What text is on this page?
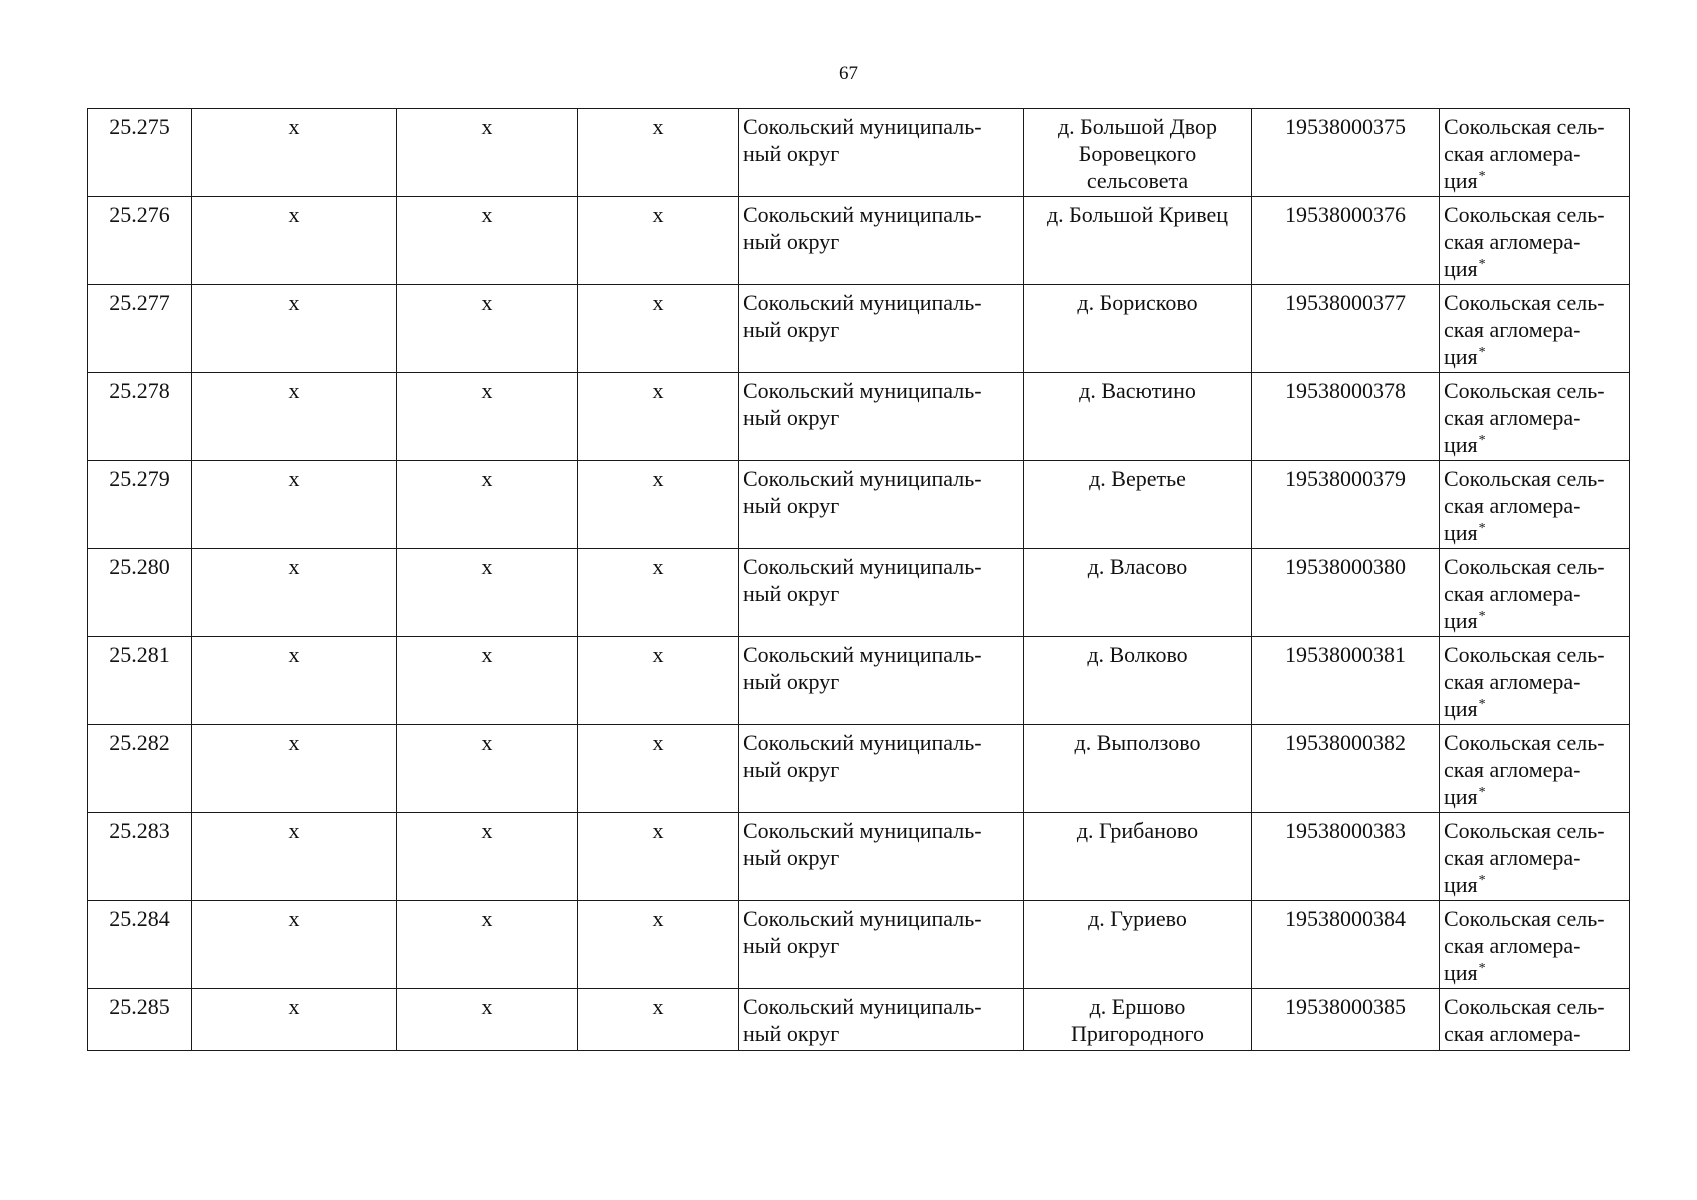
67
25.275	x	x	x	Сокольский муниципаль-
ный округ	д. Большой Двор
Боровецкого
сельсовета	19538000375	Сокольская сель-
ская агломера-
ция*
25.276	x	x	x	Сокольский муниципаль-
ный округ	д. Большой Кривец	19538000376	Сокольская сель-
ская агломера-
ция*
25.277	x	x	x	Сокольский муниципаль-
ный округ	д. Борисково	19538000377	Сокольская сель-
ская агломера-
ция*
25.278	x	x	x	Сокольский муниципаль-
ный округ	д. Васютино	19538000378	Сокольская сель-
ская агломера-
ция*
25.279	x	x	x	Сокольский муниципаль-
ный округ	д. Веретье	19538000379	Сокольская сель-
ская агломера-
ция*
25.280	x	x	x	Сокольский муниципаль-
ный округ	д. Власово	19538000380	Сокольская сель-
ская агломера-
ция*
25.281	x	x	x	Сокольский муниципаль-
ный округ	д. Волково	19538000381	Сокольская сель-
ская агломера-
ция*
25.282	x	x	x	Сокольский муниципаль-
ный округ	д. Выползово	19538000382	Сокольская сель-
ская агломера-
ция*
25.283	x	x	x	Сокольский муниципаль-
ный округ	д. Грибаново	19538000383	Сокольская сель-
ская агломера-
ция*
25.284	x	x	x	Сокольский муниципаль-
ный округ	д. Гуриево	19538000384	Сокольская сель-
ская агломера-
ция*
25.285	x	x	x	Сокольский муниципаль-
ный округ	д. Ершово
Пригородного	19538000385	Сокольская сель-
ская агломера-
